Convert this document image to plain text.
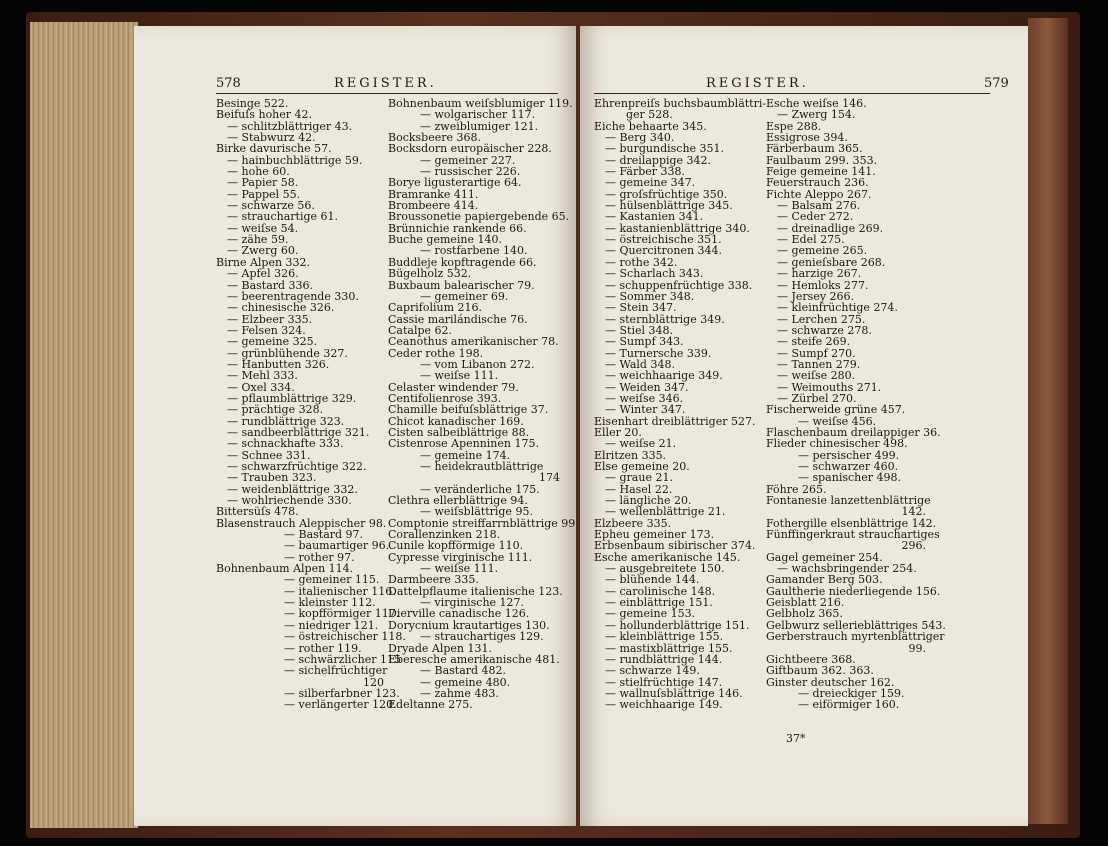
578	REGISTER.
Besinge 522.
Beifuſs hoher 42.
— schlitzblättriger 43.
— Stabwurz 42.
Birke davurische 57.
— hainbuchblättrige 59.
— hohe 60.
— Papier 58.
— Pappel 55.
— schwarze 56.
— strauchartige 61.
— weiſse 54.
— zähe 59.
— Zwerg 60.
Birne Alpen 332.
— Apfel 326.
— Bastard 336.
— beerentragende 330.
— chinesische 326.
— Elzbeer 335.
— Felsen 324.
— gemeine 325.
— grünblühende 327.
— Hanbutten 326.
— Mehl 333.
— Oxel 334.
— pflaumblättrige 329.
— prächtige 328.
— rundblättrige 323.
— sandbeerblättrige 321.
— schnackhafte 333.
— Schnee 331.
— schwarzfrüchtige 322.
— Trauben 323.
— weidenblättrige 332.
— wohlriechende 330.
Bittersüſs 478.
Blasenstrauch Aleppischer 98.
— Bastard 97.
— baumartiger 96.
— rother 97.
Bohnenbaum Alpen 114.
— gemeiner 115.
— italienischer 116.
— kleinster 112.
— kopfförmiger 117.
— niedriger 121.
— östreichischer 118.
— rother 119.
— schwärzlicher 115
— sichelfrüchtiger
120
— silberfarbner 123.
— verlängerter 120.
Bohnenbaum weiſsblumiger 119.
— wolgarischer 117.
— zweiblumiger 121.
Bocksbeere 368.
Bocksdorn europäischer 228.
— gemeiner 227.
— russischer 226.
Borye ligusterartige 64.
Bramranke 411.
Brombeere 414.
Broussonetie papiergebende 65.
Brünnichie rankende 66.
Buche gemeine 140.
— rostfarbene 140.
Buddleje kopftragende 66.
Bügelholz 532.
Buxbaum balearischer 79.
— gemeiner 69.
Caprifolium 216.
Cassie marilándische 76.
Catalpe 62.
Ceanothus amerikanischer 78.
Ceder rothe 198.
— vom Libanon 272.
— weiſse 111.
Celaster windender 79.
Centifolienrose 393.
Chamille beifuſsblättrige 37.
Chicot kanadischer 169.
Cisten salbeiblättrige 88.
Cistenrose Apenninen 175.
— gemeine 174.
— heidekrautblättrige
174
— veränderliche 175.
Clethra ellerblättrige 94.
— weiſsblättrige 95.
Comptonie streiffarrnblättrige 99
Corallenzinken 218.
Cunile kopfförmige 110.
Cypresse virginische 111.
— weiſse 111.
Darmbeere 335.
Dattelpflaume italienische 123.
— virginische 127.
Dierville canadische 126.
Dorycnium krautartiges 130.
— strauchartiges 129.
Dryade Alpen 131.
Eberesche amerikanische 481.
— Bastard 482.
— gemeine 480.
— zahme 483.
Edeltanne 275.
REGISTER.	579
Ehrenpreiſs buchsbaumblättri-
ger 528.
Eiche behaarte 345.
— Berg 340.
— burgundische 351.
— dreilappige 342.
— Färber 338.
— gemeine 347.
— groſsfrüchtige 350.
— hülsenblättrige 345.
— Kastanien 341.
— kastanienblättrige 340.
— östreichische 351.
— Quercitronen 344.
— rothe 342.
— Scharlach 343.
— schuppenfrüchtige 338.
— Sommer 348.
— Stein 347.
— sternblättrige 349.
— Stiel 348.
— Sumpf 343.
— Turnersche 339.
— Wald 348.
— weichhaarige 349.
— Weiden 347.
— weiſse 346.
— Winter 347.
Eisenhart dreiblättriger 527.
Eller 20.
— weiſse 21.
Elritzen 335.
Else gemeine 20.
— graue 21.
— Hasel 22.
— längliche 20.
— wellenblättrige 21.
Elzbeere 335.
Epheu gemeiner 173.
Erbsenbaum sibirischer 374.
Esche amerikanische 145.
— ausgebreitete 150.
— blühende 144.
— carolinische 148.
— einblättrige 151.
— gemeine 153.
— hollunderblättrige 151.
— kleinblättrige 155.
— mastixblättrige 155.
— rundblättrige 144.
— schwarze 149.
— stielfrüchtige 147.
— wallnuſsblättrige 146.
— weichhaarige 149.
Esche weiſse 146.
— Zwerg 154.
Espe 288.
Essigrose 394.
Färberbaum 365.
Faulbaum 299. 353.
Feige gemeine 141.
Feuerstrauch 236.
Fichte Aleppo 267.
— Balsam 276.
— Ceder 272.
— dreinadlige 269.
— Edel 275.
— gemeine 265.
— genieſsbare 268.
— harzige 267.
— Hemloks 277.
— Jersey 266.
— kleinfrüchtige 274.
— Lerchen 275.
— schwarze 278.
— steife 269.
— Sumpf 270.
— Tannen 279.
— weiſse 280.
— Weimouths 271.
— Zürbel 270.
Fischerweide grüne 457.
— weiſse 456.
Flaschenbaum dreilappiger 36.
Flieder chinesischer 498.
— persischer 499.
— schwarzer 460.
— spanischer 498.
Föhre 265.
Fontanesie lanzettenblättrige
142.
Fothergille elsenblättrige 142.
Fünffingerkraut strauchartiges
296.
Gagel gemeiner 254.
— wachsbringender 254.
Gamander Berg 503.
Gaultherie niederliegende 156.
Geisblatt 216.
Gelbholz 365.
Gelbwurz sellerieblättriges 543.
Gerberstrauch myrtenblättriger
99.
Gichtbeere 368.
Giftbaum 362. 363.
Ginster deutscher 162.
— dreieckiger 159.
— eiförmiger 160.
37*
